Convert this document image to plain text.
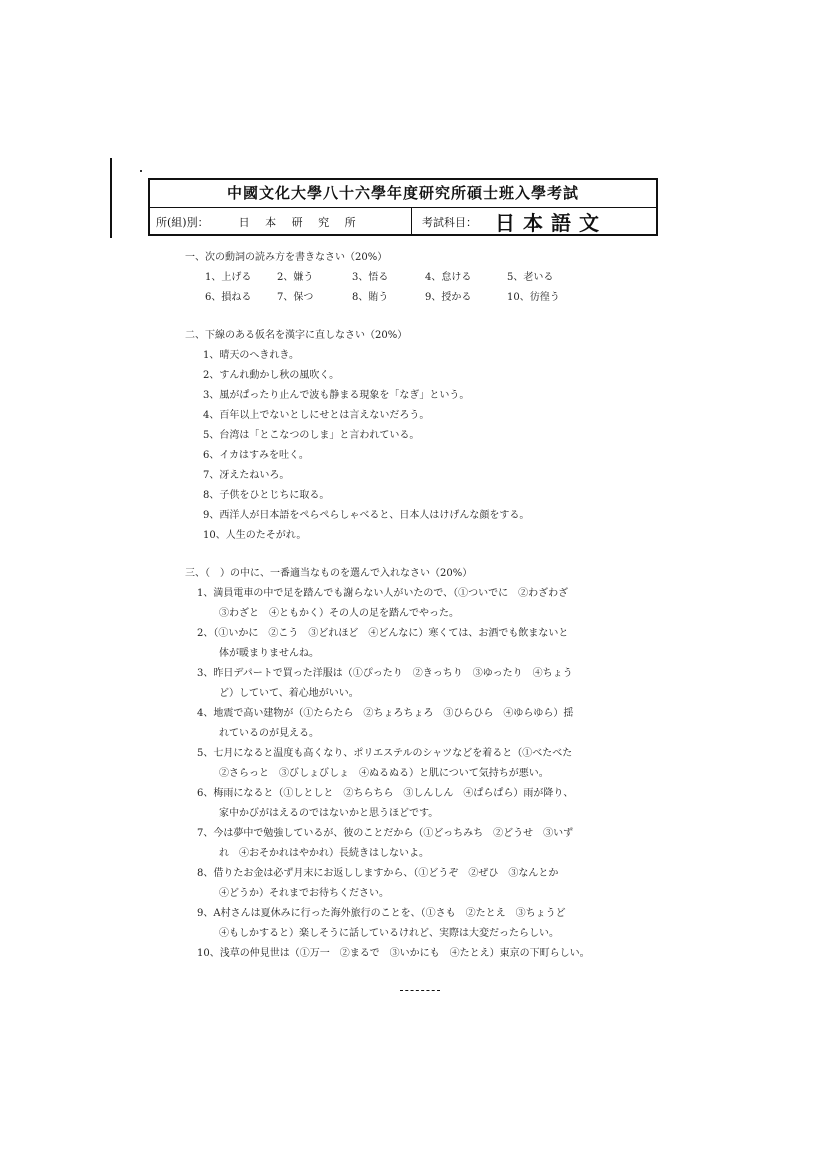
中國文化大學八十六學年度研究所碩士班入學考試
所(組)別：	日 本 研 究 所	考試科目： 日本語文
一、次の動詞の読み方を書きなさい（20%）
1、上げる	2、嫌う	3、悟る	4、怠ける	5、老いる
6、損ねる	7、保つ	8、賄う	9、授かる	10、彷徨う
二、下線のある仮名を漢字に直しなさい（20%）
1、晴天のへきれき。
2、すんれ動かし秋の風吹く。
3、風がぱったり止んで波も静まる現象を「なぎ」という。
4、百年以上でないとしにせとは言えないだろう。
5、台湾は「とこなつのしま」と言われている。
6、イカはすみを吐く。
7、冴えたねいろ。
8、子供をひとじちに取る。
9、西洋人が日本語をぺらぺらしゃべると、日本人はけげんな顔をする。
10、人生のたそがれ。
三、（　）の中に、一番適当なものを選んで入れなさい（20%）
1、満員電車の中で足を踏んでも謝らない人がいたので、（①ついでに　②わざわざ
③わざと　④ともかく）その人の足を踏んでやった。
2、（①いかに　②こう　③どれほど　④どんなに）寒くては、お酒でも飲まないと
体が暖まりませんね。
3、昨日デパートで買った洋服は（①ぴったり　②きっちり　③ゆったり　④ちょう
ど）していて、着心地がいい。
4、地震で高い建物が（①たらたら　②ちょろちょろ　③ひらひら　④ゆらゆら）揺
れているのが見える。
5、七月になると温度も高くなり、ポリエステルのシャツなどを着ると（①べたべた
②さらっと　③びしょびしょ　④ぬるぬる）と肌について気持ちが悪い。
6、梅雨になると（①しとしと　②ちらちら　③しんしん　④ぱらぱら）雨が降り、
家中かびがはえるのではないかと思うほどです。
7、今は夢中で勉強しているが、彼のことだから（①どっちみち　②どうせ　③いず
れ　④おそかれはやかれ）長続きはしないよ。
8、借りたお金は必ず月末にお返ししますから、（①どうぞ　②ぜひ　③なんとか
④どうか）それまでお待ちください。
9、A村さんは夏休みに行った海外旅行のことを、（①さも　②たとえ　③ちょうど
④もしかすると）楽しそうに話しているけれど、実際は大変だったらしい。
10、浅草の仲見世は（①万一　②まるで　③いかにも　④たとえ）東京の下町らしい。
